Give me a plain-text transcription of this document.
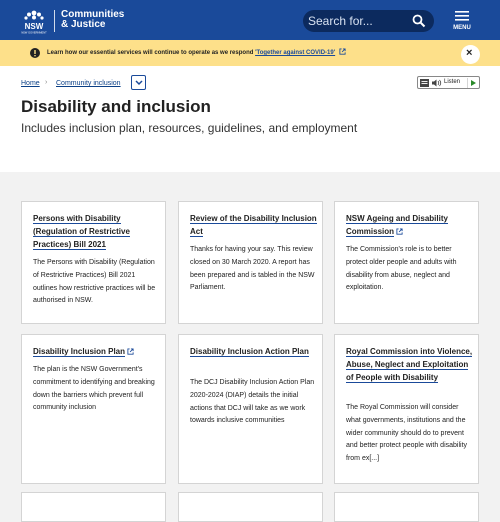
NSW
NSW GOVERNMENT
Communities
& Justice	Search for...	MENU
Learn how our essential services will continue to operate as we respond 'Together against COVID-19'	×
Home › Community inclusion	Listen
Disability and inclusion

Includes inclusion plan, resources, guidelines, and employment

Persons with Disability (Regulation of Restrictive Practices) Bill 2021
The Persons with Disability (Regulation of Restrictive Practices) Bill 2021 outlines how restrictive practices will be authorised in NSW.
Review of the Disability Inclusion Act
Thanks for having your say. This review closed on 30 March 2020. A report has been prepared and is tabled in the NSW Parliament.
NSW Ageing and Disability Commission
The Commission's role is to better protect older people and adults with disability from abuse, neglect and exploitation.
Disability Inclusion Plan
The plan is the NSW Government's commitment to identifying and breaking down the barriers which prevent full community inclusion
Disability Inclusion Action Plan
The DCJ Disability Inclusion Action Plan 2020-2024 (DIAP) details the initial actions that DCJ will take as we work towards inclusive communities
Royal Commission into Violence, Abuse, Neglect and Exploitation of People with Disability
The Royal Commission will consider what governments, institutions and the wider community should do to prevent and better protect people with disability from ex[...]
